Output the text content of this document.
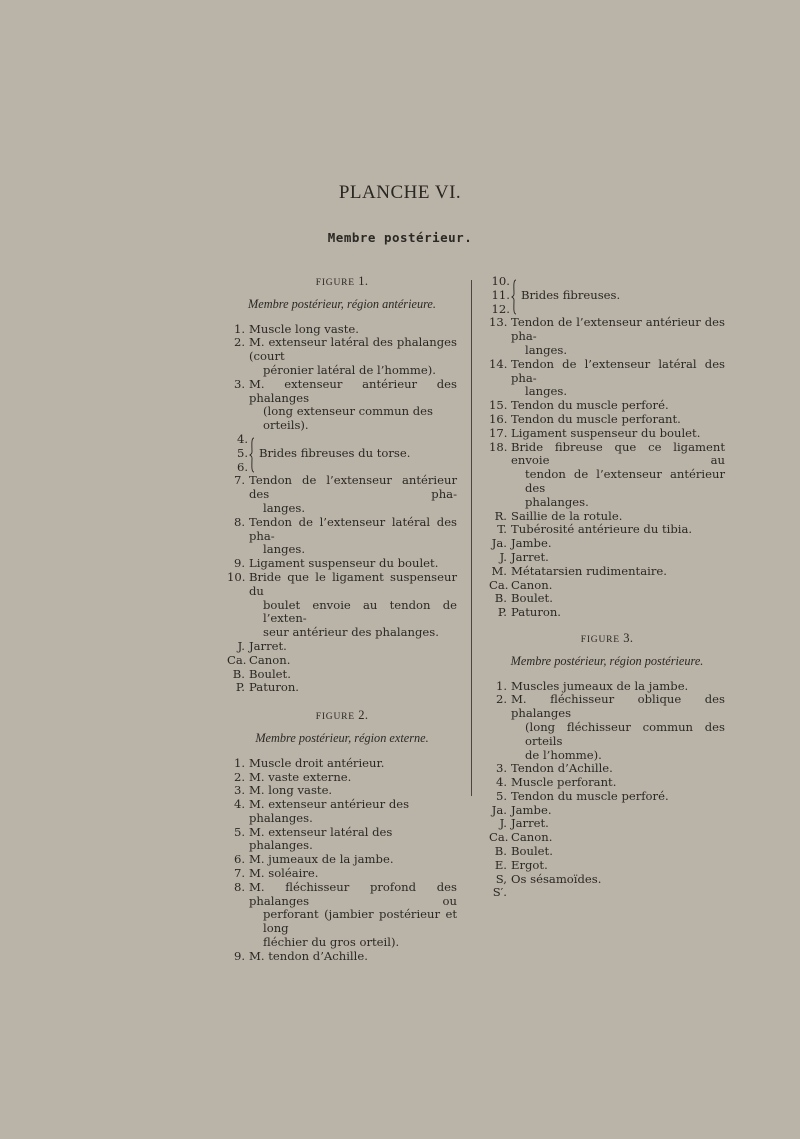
PLANCHE VI.
Membre postérieur.
FIGURE 1.
Membre postérieur, région antérieure.
1. Muscle long vaste.
2. M. extenseur latéral des phalanges (court
péronier latéral de l’homme).
3. M. extenseur antérieur des phalanges
(long extenseur commun des orteils).
4.
5.
6.
Brides fibreuses du torse.
7. Tendon de l’extenseur antérieur des pha-
langes.
8. Tendon de l’extenseur latéral des pha-
langes.
9. Ligament suspenseur du boulet.
10. Bride que le ligament suspenseur du
boulet envoie au tendon de l’exten-
seur antérieur des phalanges.
J. Jarret.
Ca. Canon.
B. Boulet.
P. Paturon.
FIGURE 2.
Membre postérieur, région externe.
1. Muscle droit antérieur.
2. M. vaste externe.
3. M. long vaste.
4. M. extenseur antérieur des phalanges.
5. M. extenseur latéral des phalanges.
6. M. jumeaux de la jambe.
7. M. soléaire.
8. M. fléchisseur profond des phalanges ou
perforant (jambier postérieur et long
fléchier du gros orteil).
9. M. tendon d’Achille.
10.
11.
12.
Brides fibreuses.
13. Tendon de l’extenseur antérieur des pha-
langes.
14. Tendon de l’extenseur latéral des pha-
langes.
15. Tendon du muscle perforé.
16. Tendon du muscle perforant.
17. Ligament suspenseur du boulet.
18. Bride fibreuse que ce ligament envoie au
tendon de l’extenseur antérieur des
phalanges.
R. Saillie de la rotule.
T. Tubérosité antérieure du tibia.
Ja. Jambe.
J. Jarret.
M. Métatarsien rudimentaire.
Ca. Canon.
B. Boulet.
P. Paturon.
FIGURE 3.
Membre postérieur, région postérieure.
1. Muscles jumeaux de la jambe.
2. M. fléchisseur oblique des phalanges
(long fléchisseur commun des orteils
de l’homme).
3. Tendon d’Achille.
4. Muscle perforant.
5. Tendon du muscle perforé.
Ja. Jambe.
J. Jarret.
Ca. Canon.
B. Boulet.
E. Ergot.
S, S′.
Os sésamoïdes.
